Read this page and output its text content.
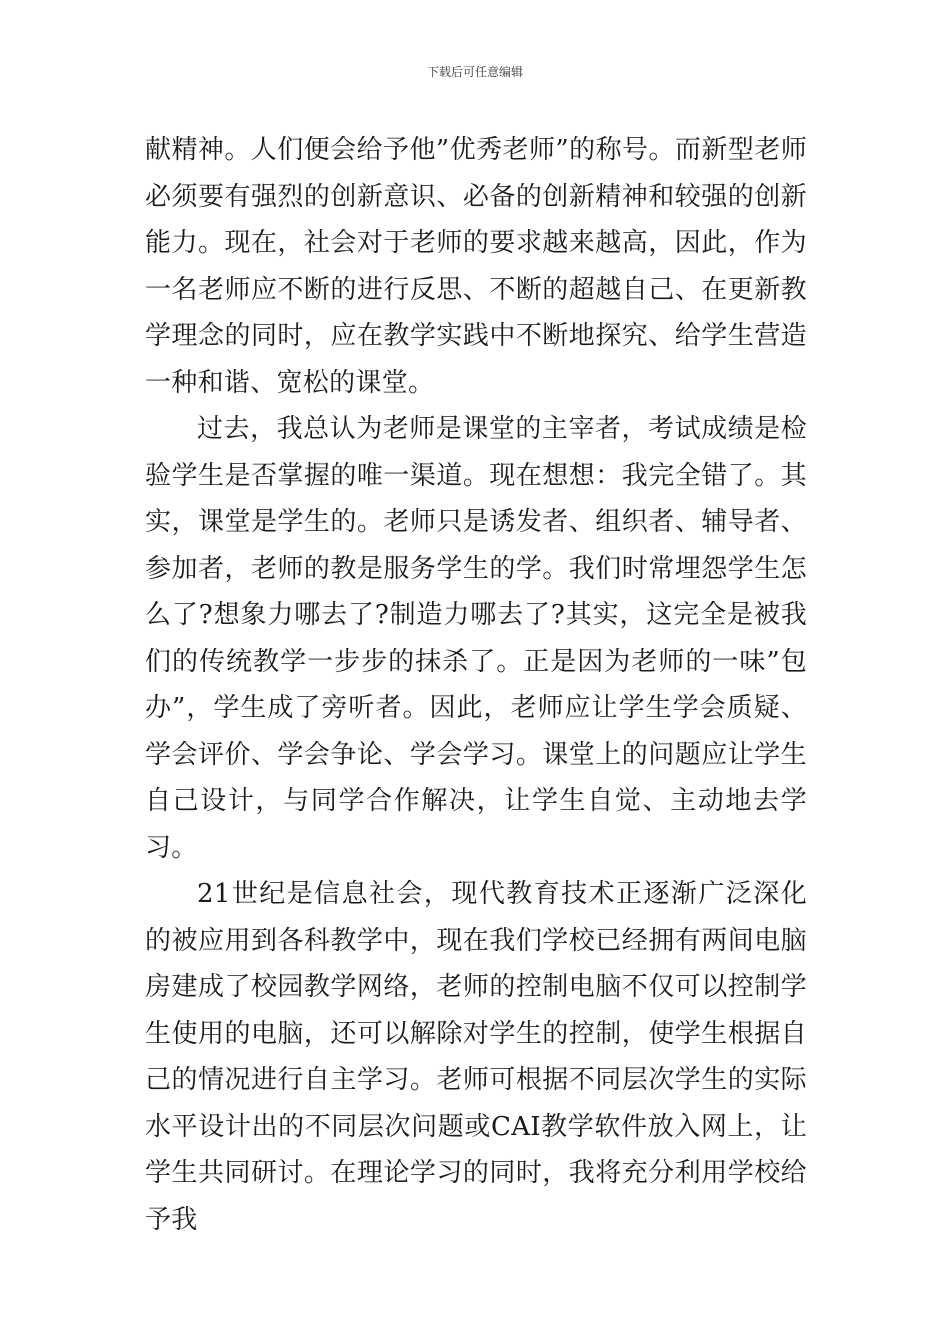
下载后可任意编辑

献精神。人们便会给予他”优秀老师”的称号。而新型老师必须要有强烈的创新意识、必备的创新精神和较强的创新能力。现在，社会对于老师的要求越来越高，因此，作为一名老师应不断的进行反思、不断的超越自己、在更新教学理念的同时，应在教学实践中不断地探究、给学生营造一种和谐、宽松的课堂。

过去，我总认为老师是课堂的主宰者，考试成绩是检验学生是否掌握的唯一渠道。现在想想：我完全错了。其实，课堂是学生的。老师只是诱发者、组织者、辅导者、参加者，老师的教是服务学生的学。我们时常埋怨学生怎么了?想象力哪去了?制造力哪去了?其实，这完全是被我们的传统教学一步步的抹杀了。正是因为老师的一味”包办”，学生成了旁听者。因此，老师应让学生学会质疑、学会评价、学会争论、学会学习。课堂上的问题应让学生自己设计，与同学合作解决，让学生自觉、主动地去学习。

21世纪是信息社会，现代教育技术正逐渐广泛深化的被应用到各科教学中，现在我们学校已经拥有两间电脑房建成了校园教学网络，老师的控制电脑不仅可以控制学生使用的电脑，还可以解除对学生的控制，使学生根据自己的情况进行自主学习。老师可根据不同层次学生的实际水平设计出的不同层次问题或CAI教学软件放入网上，让学生共同研讨。在理论学习的同时，我将充分利用学校给予我
